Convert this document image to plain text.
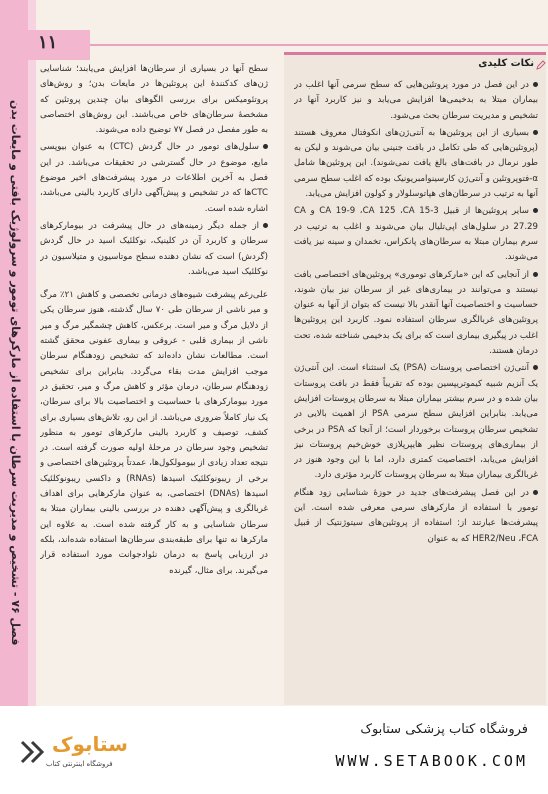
فصل ۷۶ - تشخیص و مدیریت سرطان با استفاده از مارکرهای تومور و سرولوژیک بافتی و مایعات بدن
۱۱

سطح آنها در بسیاری از سرطان‌ها افزایش می‌یابند؛ شناسایی ژن‌های کدکنندهٔ این پروتئین‌ها در مایعات بدن؛ و روش‌های پروتئومیکس برای بررسی الگوهای بیان چندین پروتئین که مشخصهٔ سرطان‌های خاص می‌باشند. این روش‌های اختصاصی به طور مفصل در فصل ۷۷ توضیح داده می‌شوند.

سلول‌های تومور در حال گردش (CTC) به عنوان بیوپسی مایع، موضوع در حال گسترشی در تحقیقات می‌باشد. در این فصل به آخرین اطلاعات در مورد پیشرفت‌های اخیر موضوع CTCها که در تشخیص و پیش‌آگهی دارای کاربرد بالینی می‌باشد، اشاره شده است.

از جمله دیگر زمینه‌های در حال پیشرفت در بیومارکرهای سرطان و کاربرد آن در کلینیک، نوکلئیک اسید در حال گردش (گردش) است که نشان دهنده سطح موتاسیون و متیلاسیون در نوکلئیک اسید می‌باشد.

علی‌رغم پیشرفت شیوه‌های درمانی تخصصی و کاهش ۲۱٪ مرگ و میر ناشی از سرطان طی ۷۰ سال گذشته، هنوز سرطان یکی از دلایل مرگ و میر است. برعکس، کاهش چشمگیر مرگ و میر ناشی از بیماری قلبی - عروقی و بیماری عفونی محقق گشته است. مطالعات نشان داده‌اند که تشخیص زودهنگام سرطان موجب افزایش مدت بقاء می‌گردد. بنابراین برای تشخیص زودهنگام سرطان، درمان مؤثر و کاهش مرگ و میر، تحقیق در مورد بیومارکرهای با حساسیت و اختصاصیت بالا برای سرطان، یک نیاز کاملاً ضروری می‌باشد. از این رو، تلاش‌های بسیاری برای کشف، توصیف و کاربرد بالینی مارکرهای تومور به منظور تشخیص وجود سرطان در مرحلهٔ اولیه صورت گرفته است. در نتیجه تعداد زیادی از بیومولکول‌ها، عمدتاً پروتئین‌های اختصاصی و برخی از ریبونوکلئیک اسیدها (RNAs) و داکسی ریبونوکلئیک اسیدها (DNAs) اختصاصی، به عنوان مارکرهایی برای اهداف غربالگری و پیش‌آگهی دهنده در بررسی بالینی بیماران مبتلا به سرطان شناسایی و به کار گرفته شده است. به علاوه این مارکرها نه تنها برای طبقه‌بندی سرطان‌ها استفاده شده‌اند، بلکه در ارزیابی پاسخ به درمان نئوادجوانت مورد استفاده قرار می‌گیرند. برای مثال، گیرنده

نکات کلیدی

در این فصل در مورد پروتئین‌هایی که سطح سرمی آنها اغلب در بیماران مبتلا به بدخیمی‌ها افزایش می‌یابد و نیز کاربرد آنها در تشخیص و مدیریت سرطان بحث می‌شود.

بسیاری از این پروتئین‌ها به آنتی‌ژن‌های انکوفتال معروف هستند (پروتئین‌هایی که طی تکامل در بافت جنینی بیان می‌شوند و لیکن به طور نرمال در بافت‌های بالغ یافت نمی‌شوند). این پروتئین‌ها شامل α-فتوپروتئین و آنتی‌ژن کارسینوامبریونیک بوده که اغلب سطح سرمی آنها به ترتیب در سرطان‌های هپاتوسلولار و کولون افزایش می‌یابد.

سایر پروتئین‌ها از قبیل CA 19-9 ،CA 125 ،CA 15-3 و CA 27.29 در سلول‌های اپی‌تلیال بیان می‌شوند و اغلب به ترتیب در سرم بیماران مبتلا به سرطان‌های پانکراس، تخمدان و سینه نیز یافت می‌شوند.

از آنجایی که این «مارکرهای توموری» پروتئین‌های اختصاصی بافت نیستند و می‌توانند در بیماری‌های غیر از سرطان نیز بیان شوند، حساسیت و اختصاصیت آنها آنقدر بالا نیست که بتوان از آنها به عنوان پروتئین‌های غربالگری سرطان استفاده نمود. کاربرد این پروتئین‌ها اغلب در پیگیری بیماری است که برای یک بدخیمی شناخته شده، تحت درمان هستند.

آنتی‌ژن اختصاصی پروستات (PSA) یک استثناء است. این آنتی‌ژن یک آنزیم شبیه کیموتریپسین بوده که تقریباً فقط در بافت پروستات بیان شده و در سرم بیشتر بیماران مبتلا به سرطان پروستات افزایش می‌یابد. بنابراین افزایش سطح سرمی PSA از اهمیت بالایی در تشخیص سرطان پروستات برخوردار است؛ از آنجا که PSA در برخی از بیماری‌های پروستات نظیر هایپرپلازی خوش‌خیم پروستات نیز افزایش می‌یابد، اختصاصیت کمتری دارد، اما با این وجود هنوز در غربالگری بیماران مبتلا به سرطان پروستات کاربرد مؤثری دارد.

در این فصل پیشرفت‌های جدید در حوزهٔ شناسایی زود هنگام تومور با استفاده از مارکرهای سرمی معرفی شده است. این پیشرفت‌ها عبارتند از: استفاده از پروتئین‌های سیتوژنتیک از قبیل HER2/Neu ،FCA که به عنوان

ستابوک
فروشگاه اینترنتی کتاب
فروشگاه کتاب پزشکی ستابوک
WWW.SETABOOK.COM
